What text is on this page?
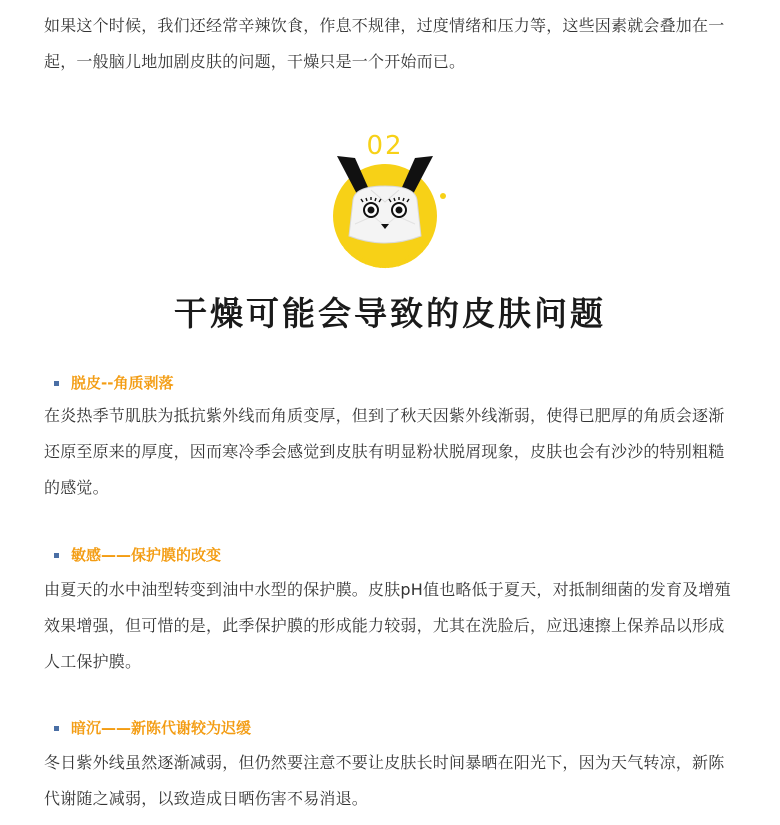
如果这个时候，我们还经常辛辣饮食，作息不规律，过度情绪和压力等，这些因素就会叠加在一起，一般脑儿地加剧皮肤的问题，干燥只是一个开始而已。

02
ZE MEI BANG KE PU
干燥可能会导致的皮肤问题
脱皮--角质剥落

在炎热季节肌肤为抵抗紫外线而角质变厚，但到了秋天因紫外线渐弱，使得已肥厚的角质会逐渐还原至原来的厚度，因而寒冷季会感觉到皮肤有明显粉状脱屑现象，皮肤也会有沙沙的特别粗糙的感觉。

敏感——保护膜的改变

由夏天的水中油型转变到油中水型的保护膜。皮肤pH值也略低于夏天，对抵制细菌的发育及增殖效果增强，但可惜的是，此季保护膜的形成能力较弱，尤其在洗脸后，应迅速擦上保养品以形成人工保护膜。

暗沉——新陈代谢较为迟缓

冬日紫外线虽然逐渐减弱，但仍然要注意不要让皮肤长时间暴晒在阳光下，因为天气转凉，新陈代谢随之减弱，以致造成日晒伤害不易消退。
